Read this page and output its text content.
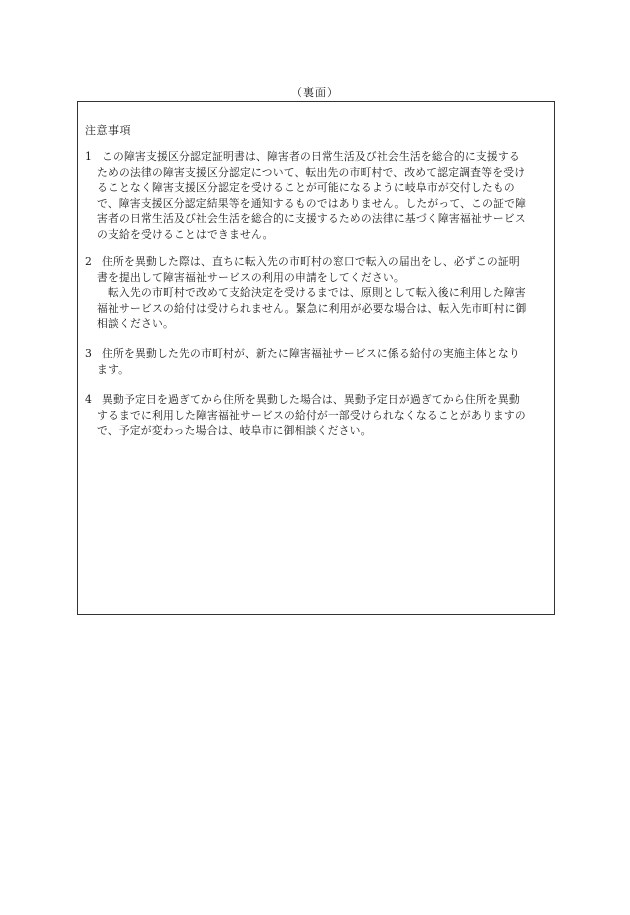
（裏面）
注意事項
1 この障害支援区分認定証明書は、障害者の日常生活及び社会生活を総合的に支援する
ための法律の障害支援区分認定について、転出先の市町村で、改めて認定調査等を受け
ることなく障害支援区分認定を受けることが可能になるように岐阜市が交付したもの
で、障害支援区分認定結果等を通知するものではありません。したがって、この証で障
害者の日常生活及び社会生活を総合的に支援するための法律に基づく障害福祉サービス
の支給を受けることはできません。
2 住所を異動した際は、直ちに転入先の市町村の窓口で転入の届出をし、必ずこの証明
書を提出して障害福祉サービスの利用の申請をしてください。
　転入先の市町村で改めて支給決定を受けるまでは、原則として転入後に利用した障害
福祉サービスの給付は受けられません。緊急に利用が必要な場合は、転入先市町村に御
相談ください。
3 住所を異動した先の市町村が、新たに障害福祉サービスに係る給付の実施主体となり
ます。
4 異動予定日を過ぎてから住所を異動した場合は、異動予定日が過ぎてから住所を異動
するまでに利用した障害福祉サービスの給付が一部受けられなくなることがありますの
で、予定が変わった場合は、岐阜市に御相談ください。
